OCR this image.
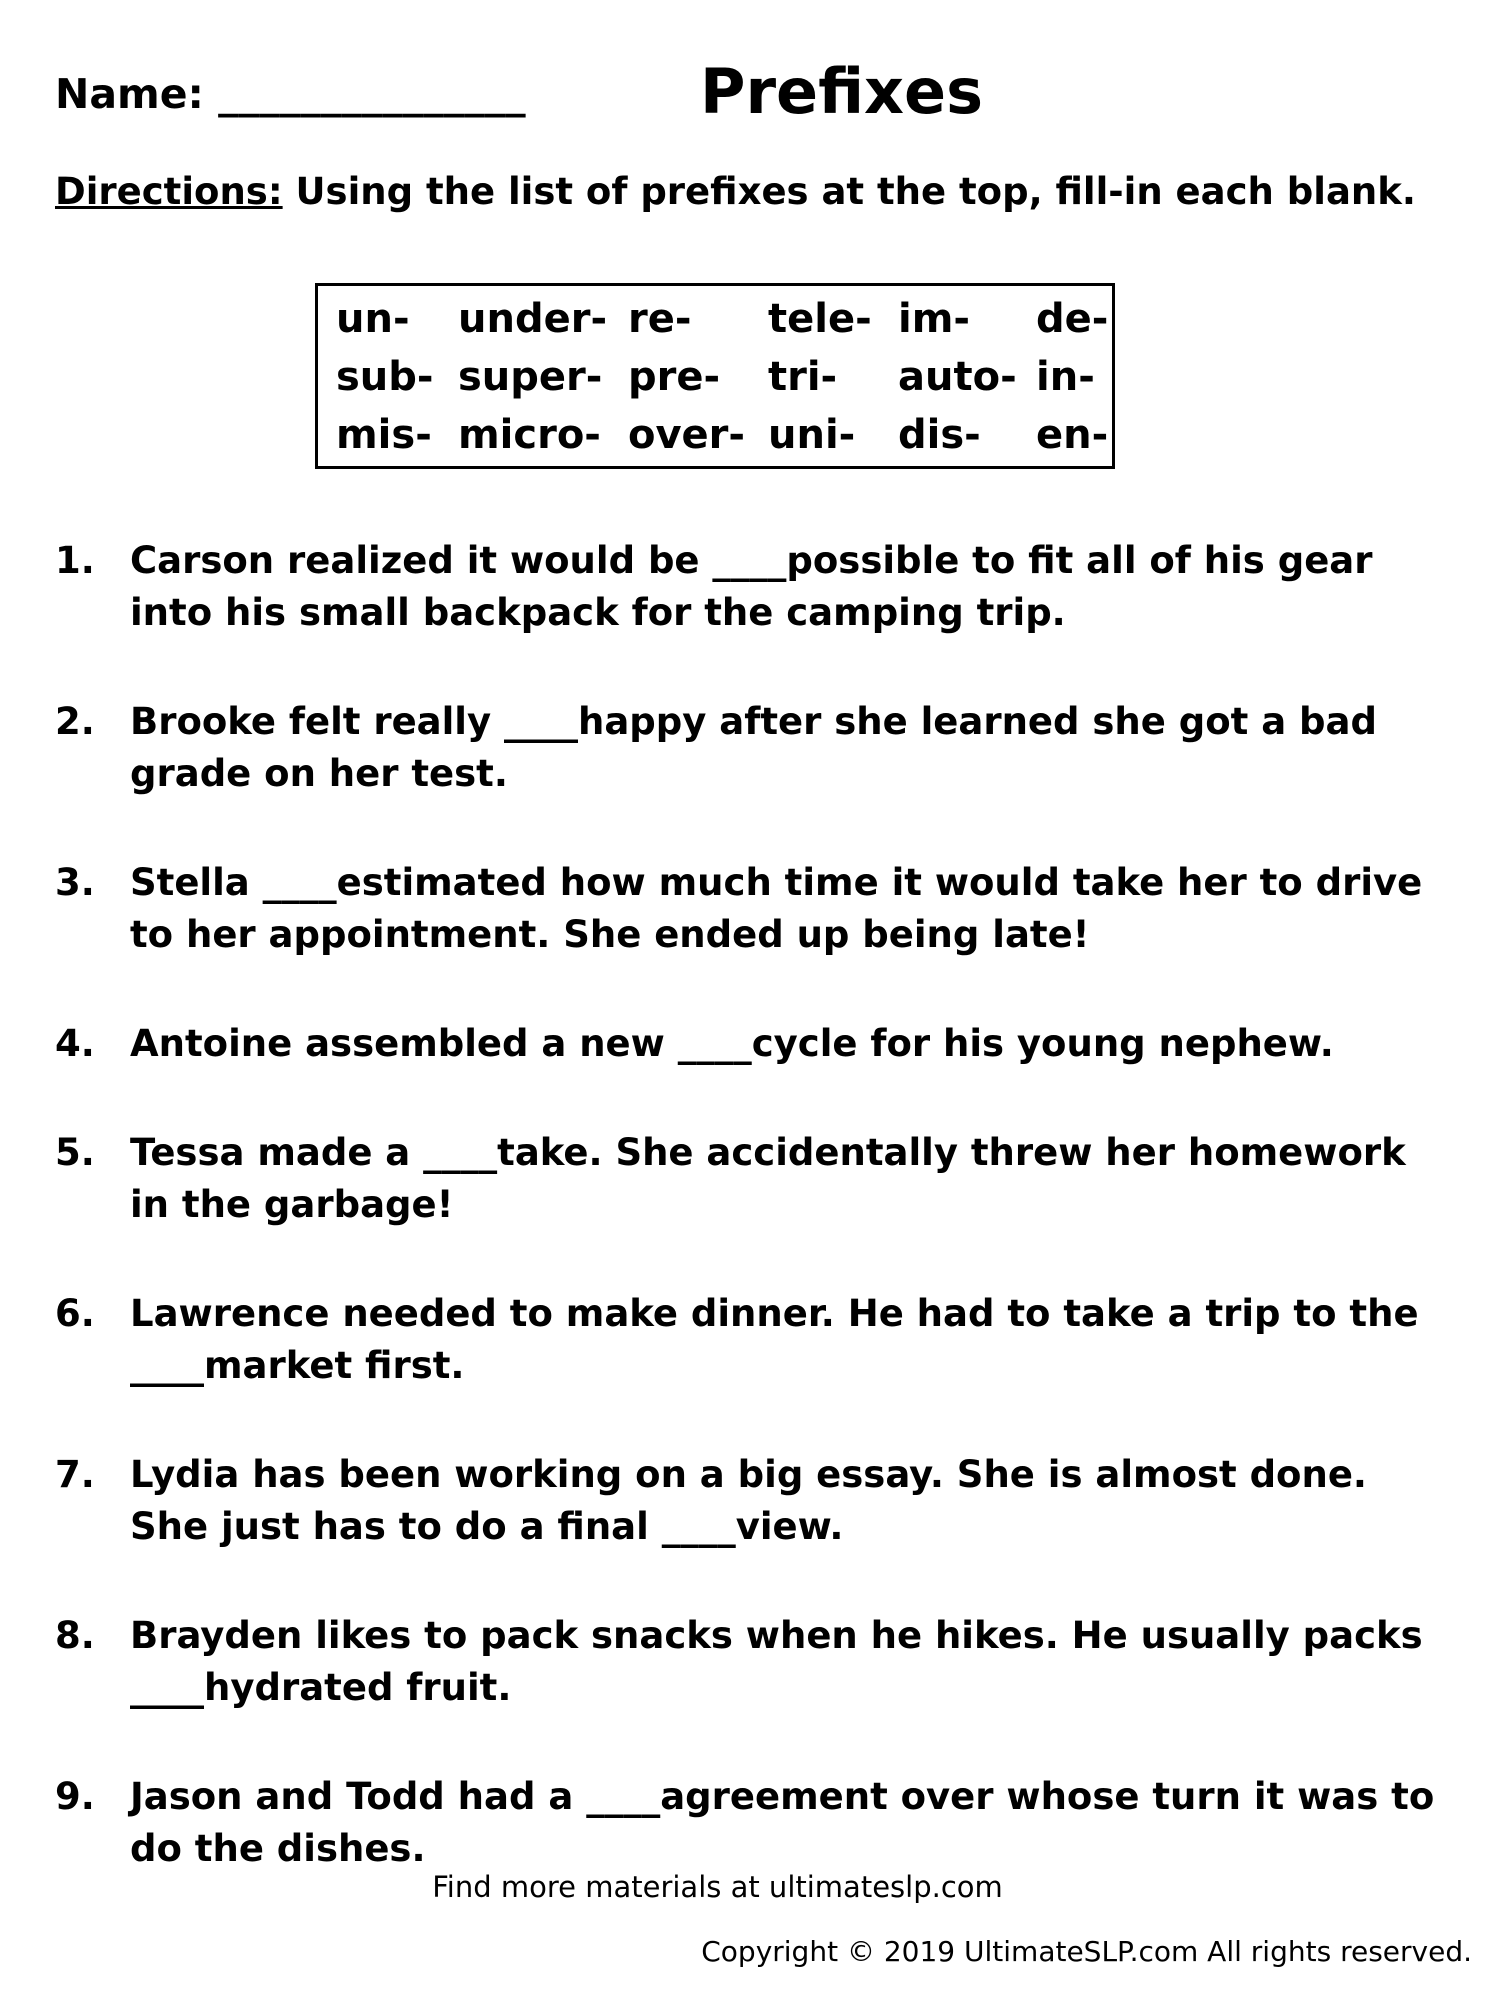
Name: _______________	Prefixes
Directions: Using the list of prefixes at the top, fill-in each blank.
un-	under- re-	tele- im-	de-
sub- super- pre-	tri-	auto- in-
mis- micro- over- uni-	dis-	en-
1. Carson realized it would be ____possible to fit all of his gear into his small backpack for the camping trip.
2. Brooke felt really ____happy after she learned she got a bad grade on her test.
3. Stella ____estimated how much time it would take her to drive to her appointment. She ended up being late!
4. Antoine assembled a new ____cycle for his young nephew.
5. Tessa made a ____take. She accidentally threw her homework in the garbage!
6. Lawrence needed to make dinner. He had to take a trip to the ____market first.
7. Lydia has been working on a big essay. She is almost done. She just has to do a final ____view.
8. Brayden likes to pack snacks when he hikes. He usually packs ____hydrated fruit.
9. Jason and Todd had a ____agreement over whose turn it was to do the dishes.
Find more materials at ultimateslp.com
Copyright © 2019 UltimateSLP.com All rights reserved.
